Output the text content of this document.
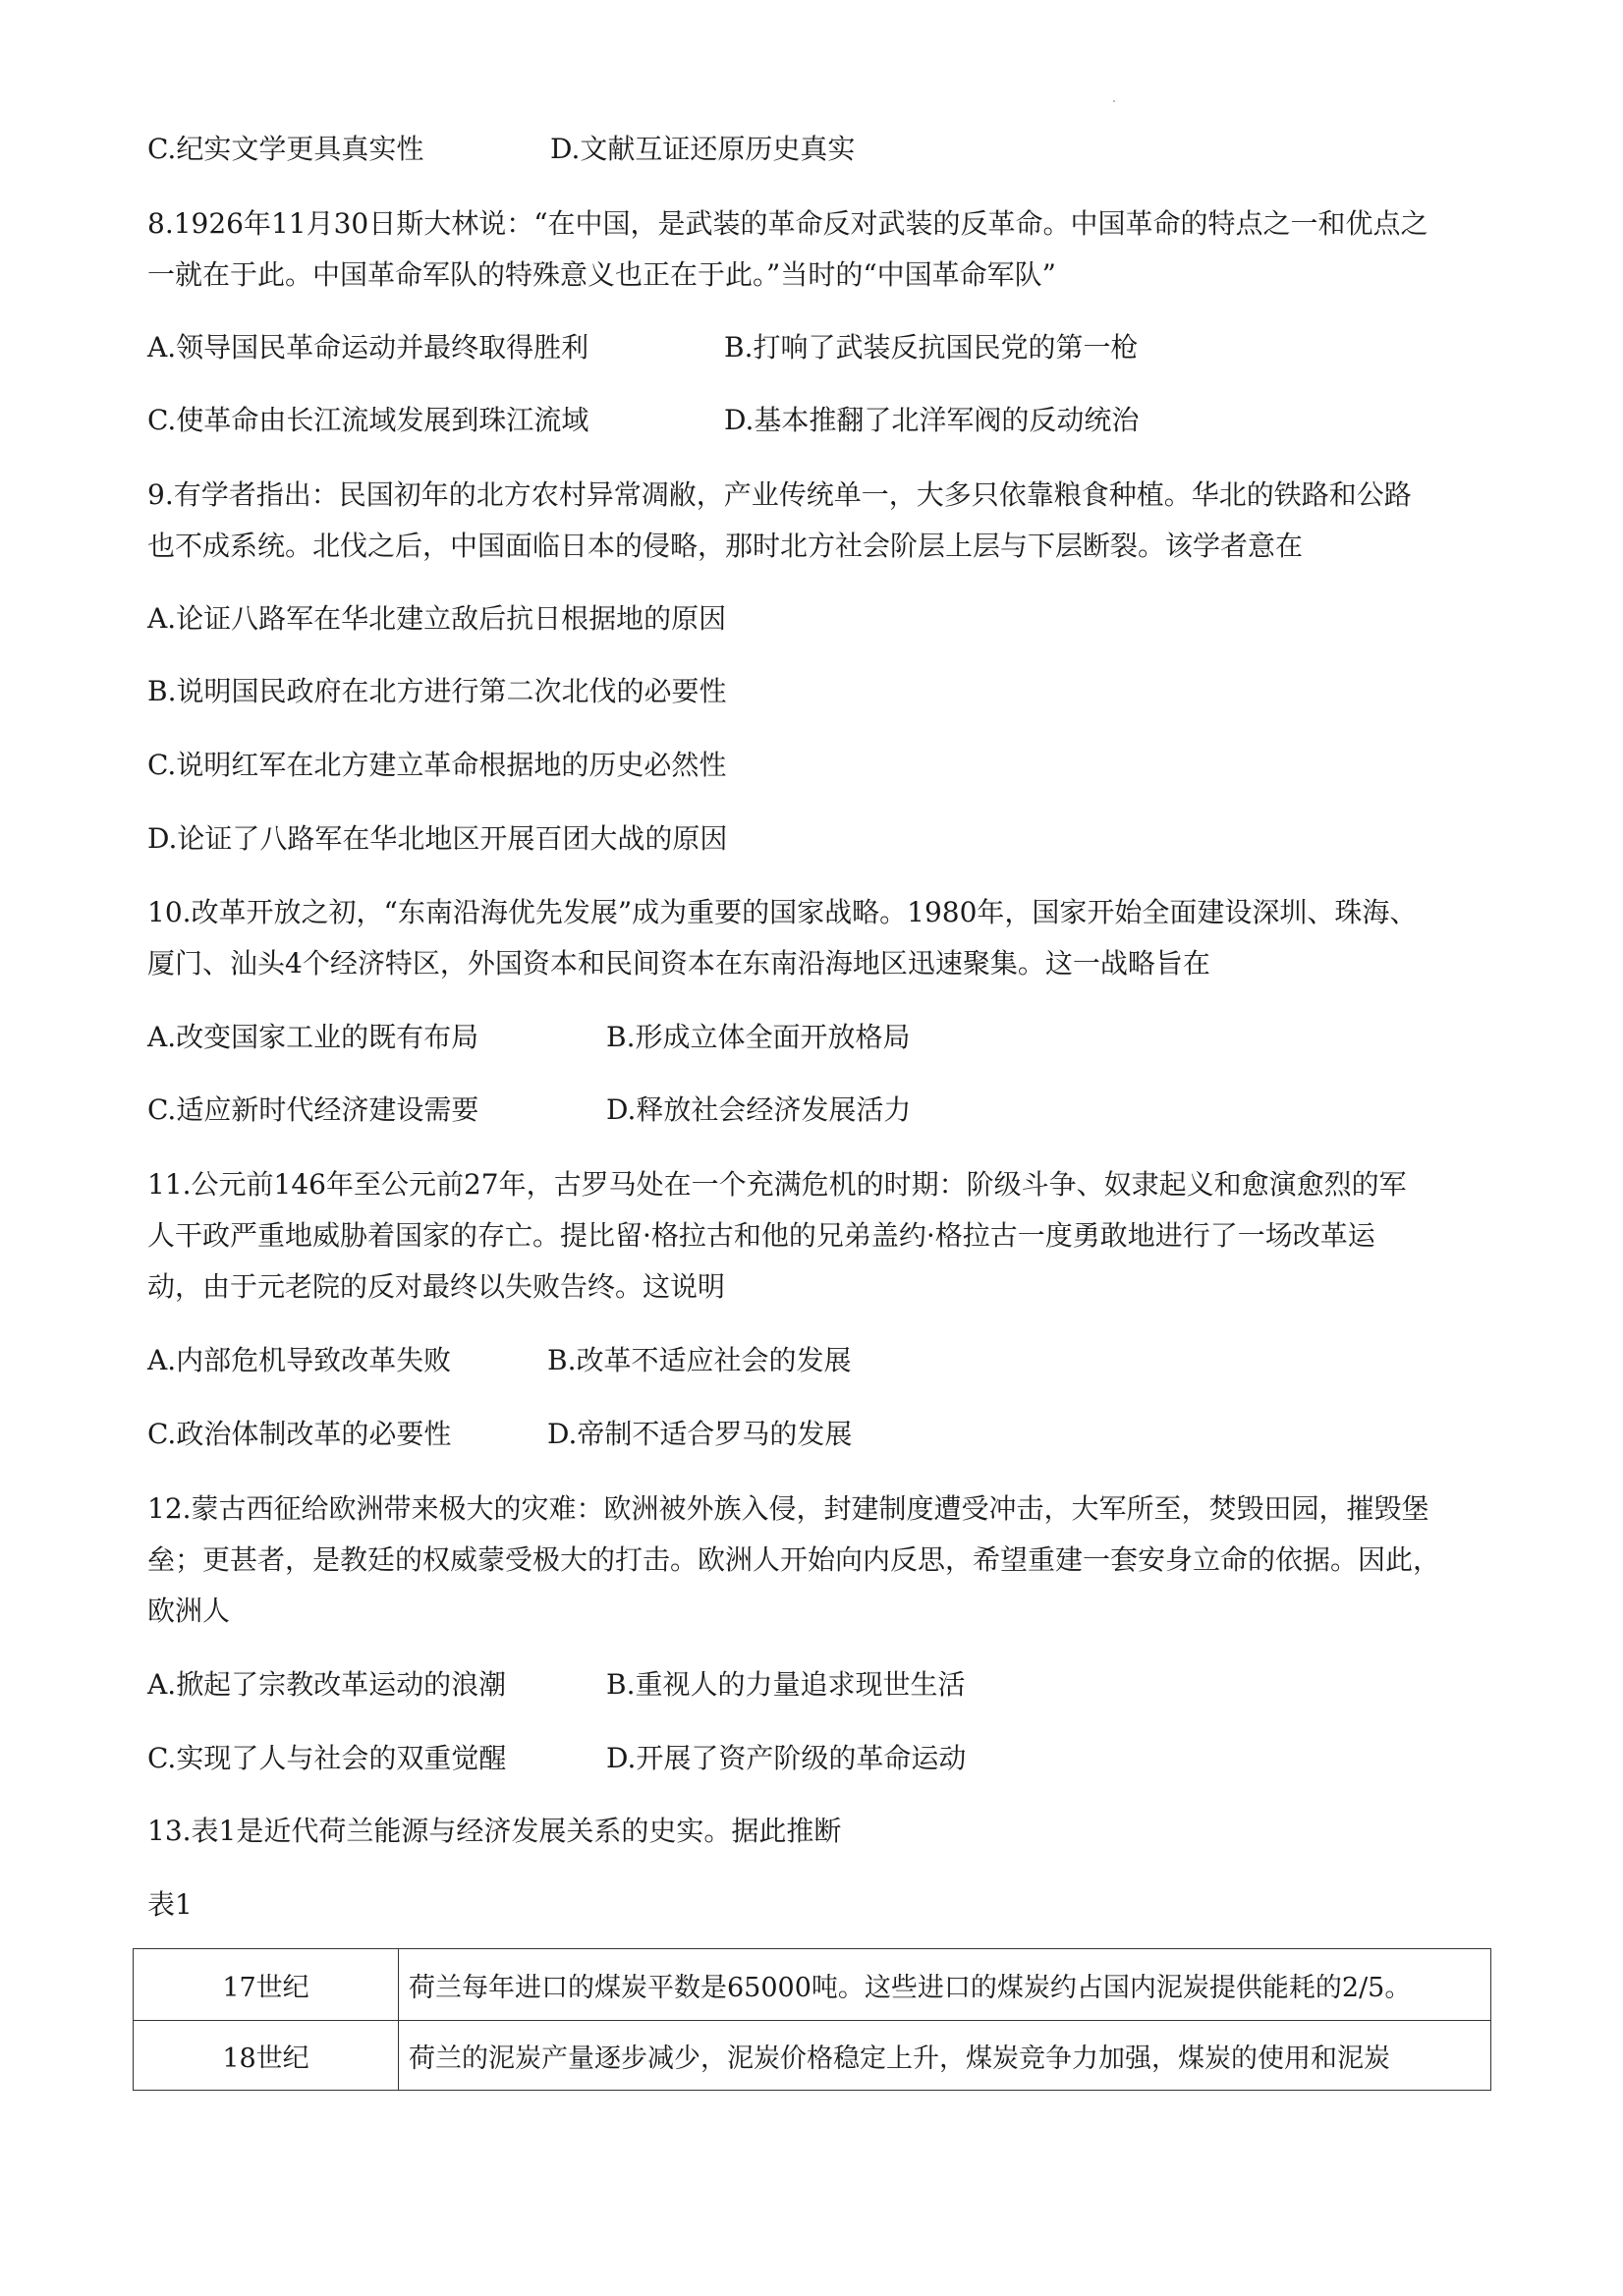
C.纪实文学更具真实性	D.文献互证还原历史真实
8.1926年11月30日斯大林说：“在中国，是武装的革命反对武装的反革命。中国革命的特点之一和优点之
一就在于此。中国革命军队的特殊意义也正在于此。”当时的“中国革命军队”
A.领导国民革命运动并最终取得胜利	B.打响了武装反抗国民党的第一枪
C.使革命由长江流域发展到珠江流域	D.基本推翻了北洋军阀的反动统治
9.有学者指出：民国初年的北方农村异常凋敝，产业传统单一，大多只依靠粮食种植。华北的铁路和公路
也不成系统。北伐之后，中国面临日本的侵略，那时北方社会阶层上层与下层断裂。该学者意在
A.论证八路军在华北建立敌后抗日根据地的原因
B.说明国民政府在北方进行第二次北伐的必要性
C.说明红军在北方建立革命根据地的历史必然性
D.论证了八路军在华北地区开展百团大战的原因
10.改革开放之初，“东南沿海优先发展”成为重要的国家战略。1980年，国家开始全面建设深圳、珠海、
厦门、汕头4个经济特区，外国资本和民间资本在东南沿海地区迅速聚集。这一战略旨在
A.改变国家工业的既有布局	B.形成立体全面开放格局
C.适应新时代经济建设需要	D.释放社会经济发展活力
11.公元前146年至公元前27年，古罗马处在一个充满危机的时期：阶级斗争、奴隶起义和愈演愈烈的军
人干政严重地威胁着国家的存亡。提比留·格拉古和他的兄弟盖约·格拉古一度勇敢地进行了一场改革运
动，由于元老院的反对最终以失败告终。这说明
A.内部危机导致改革失败	B.改革不适应社会的发展
C.政治体制改革的必要性	D.帝制不适合罗马的发展
12.蒙古西征给欧洲带来极大的灾难：欧洲被外族入侵，封建制度遭受冲击，大军所至，焚毁田园，摧毁堡
垒；更甚者，是教廷的权威蒙受极大的打击。欧洲人开始向内反思，希望重建一套安身立命的依据。因此，
欧洲人
A.掀起了宗教改革运动的浪潮	B.重视人的力量追求现世生活
C.实现了人与社会的双重觉醒	D.开展了资产阶级的革命运动
13.表1是近代荷兰能源与经济发展关系的史实。据此推断
表1
17世纪	荷兰每年进口的煤炭平数是65000吨。这些进口的煤炭约占国内泥炭提供能耗的2/5。
18世纪	荷兰的泥炭产量逐步减少，泥炭价格稳定上升，煤炭竞争力加强，煤炭的使用和泥炭
